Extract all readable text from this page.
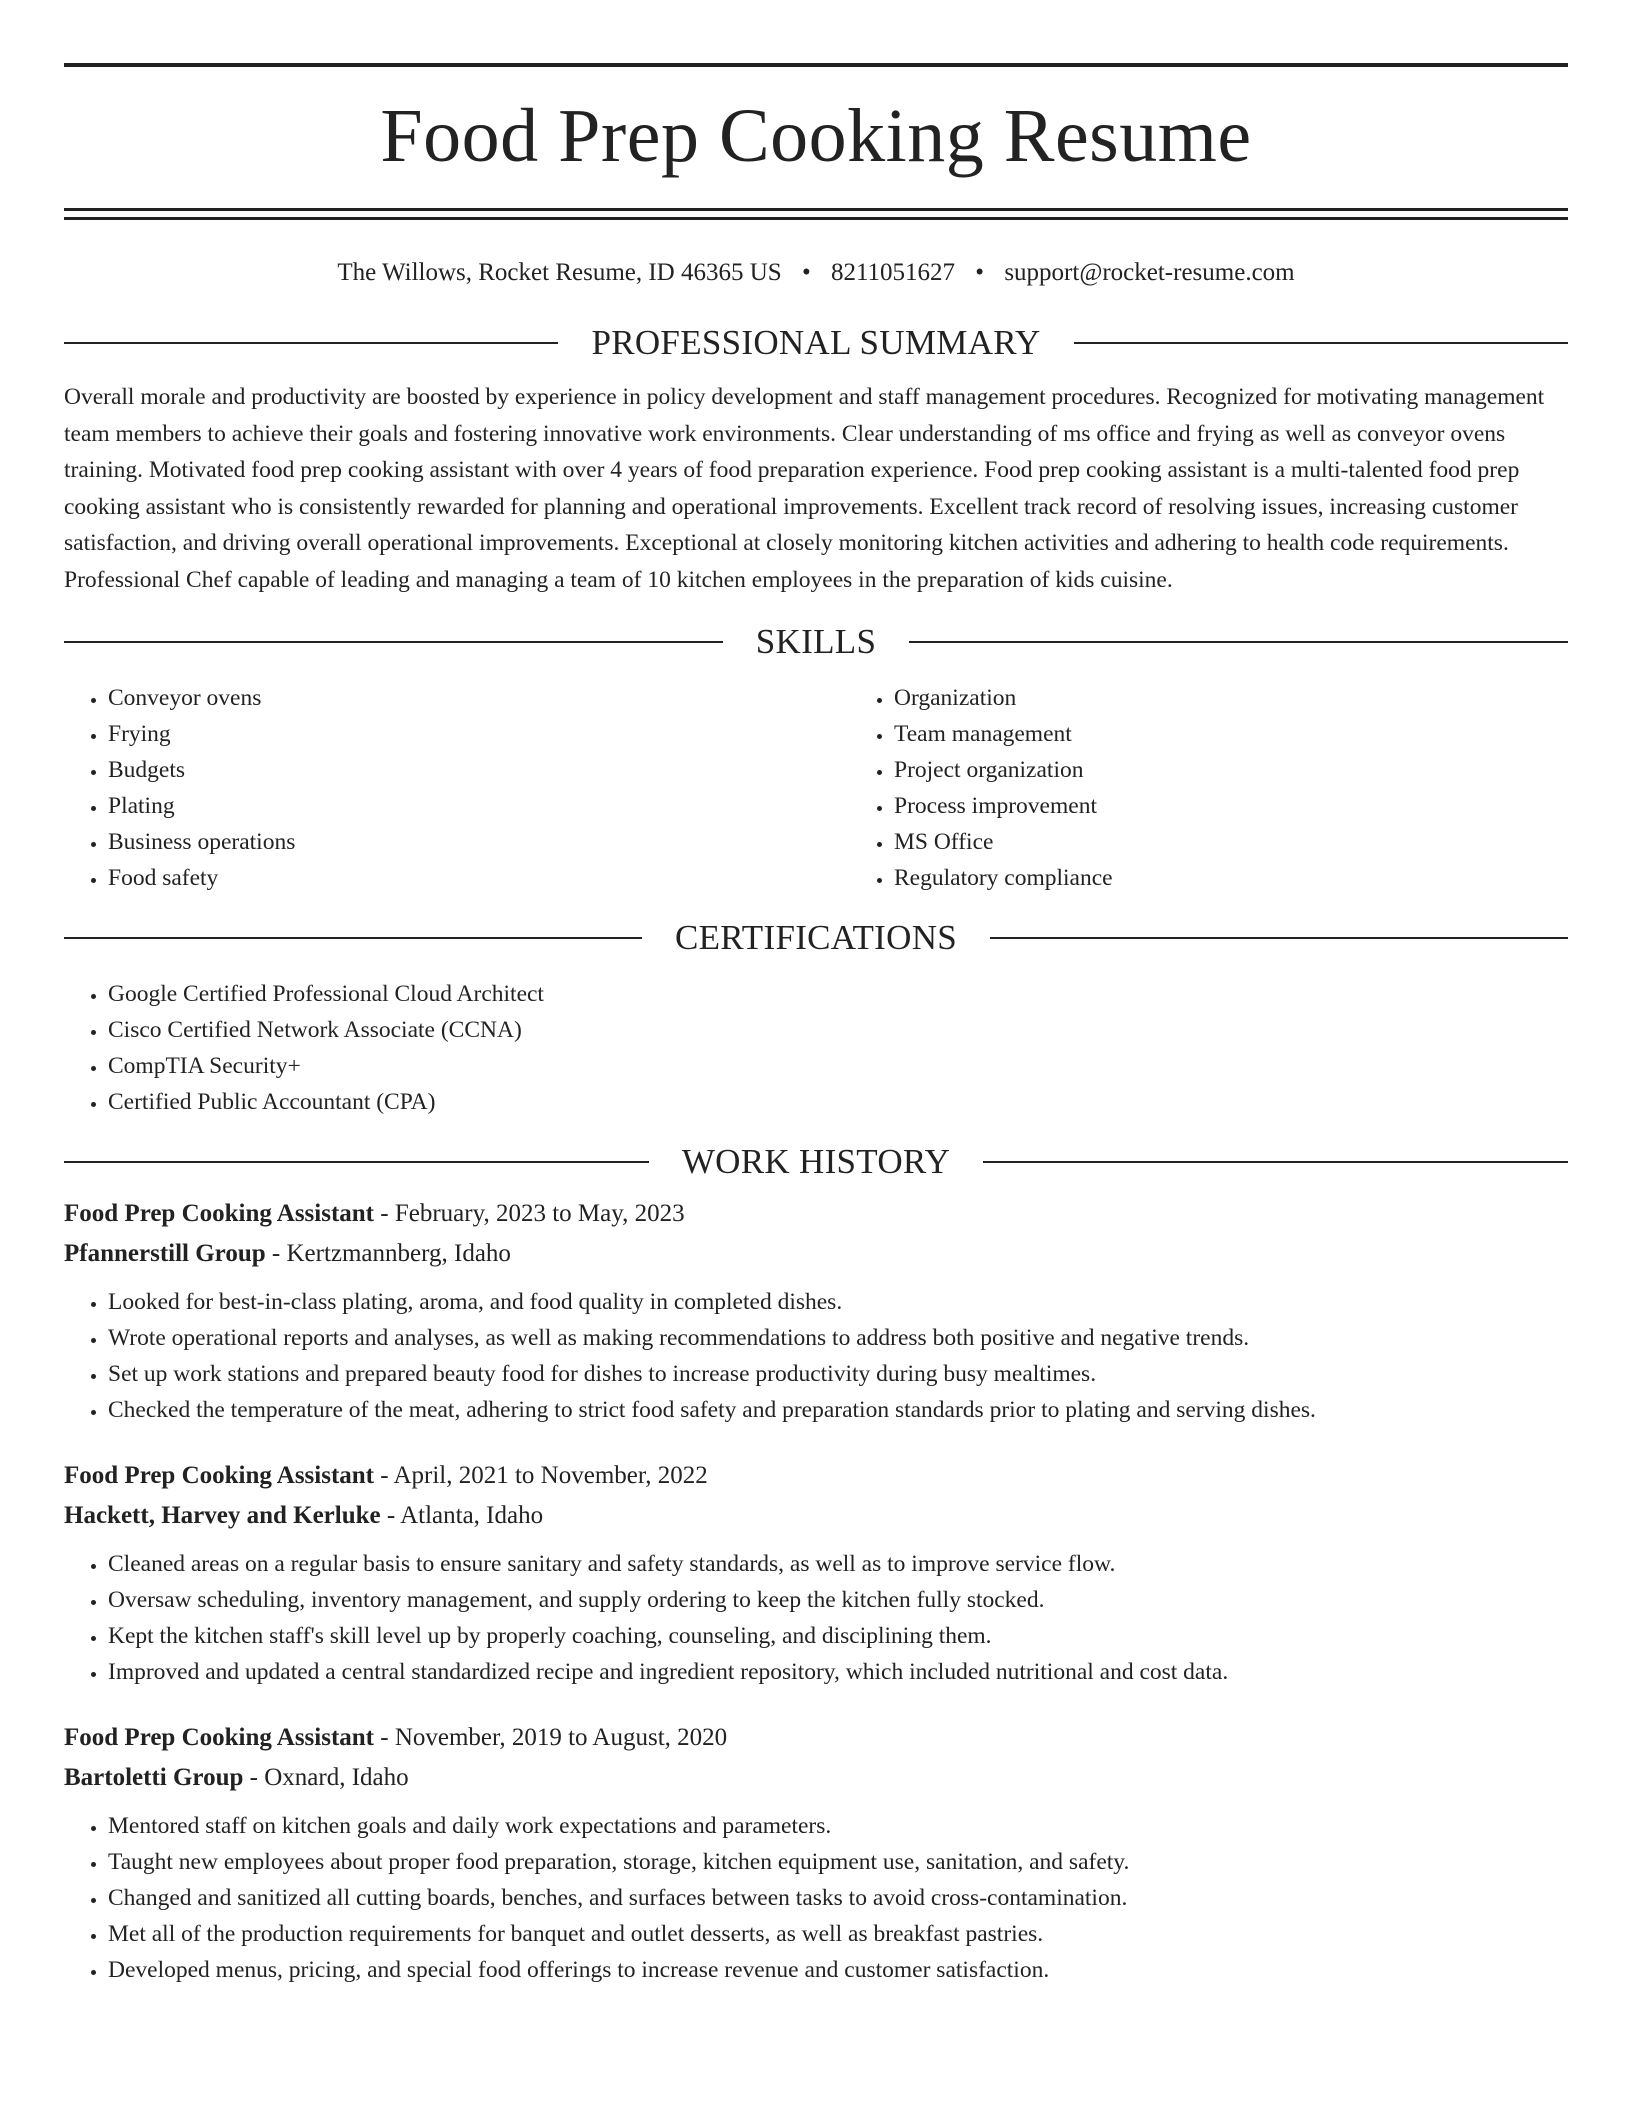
Food Prep Cooking Resume

The Willows, Rocket Resume, ID 46365 US • 8211051627 • support@rocket-resume.com

PROFESSIONAL SUMMARY

Overall morale and productivity are boosted by experience in policy development and staff management procedures. Recognized for motivating management team members to achieve their goals and fostering innovative work environments. Clear understanding of ms office and frying as well as conveyor ovens training. Motivated food prep cooking assistant with over 4 years of food preparation experience. Food prep cooking assistant is a multi-talented food prep cooking assistant who is consistently rewarded for planning and operational improvements. Excellent track record of resolving issues, increasing customer satisfaction, and driving overall operational improvements. Exceptional at closely monitoring kitchen activities and adhering to health code requirements. Professional Chef capable of leading and managing a team of 10 kitchen employees in the preparation of kids cuisine.

SKILLS
• Conveyor ovens
• Frying
• Budgets
• Plating
• Business operations
• Food safety
• Organization
• Team management
• Project organization
• Process improvement
• MS Office
• Regulatory compliance
CERTIFICATIONS
• Google Certified Professional Cloud Architect
• Cisco Certified Network Associate (CCNA)
• CompTIA Security+
• Certified Public Accountant (CPA)
WORK HISTORY

Food Prep Cooking Assistant - February, 2023 to May, 2023

Pfannerstill Group - Kertzmannberg, Idaho

• Looked for best-in-class plating, aroma, and food quality in completed dishes.
• Wrote operational reports and analyses, as well as making recommendations to address both positive and negative trends.
• Set up work stations and prepared beauty food for dishes to increase productivity during busy mealtimes.
• Checked the temperature of the meat, adhering to strict food safety and preparation standards prior to plating and serving dishes.

Food Prep Cooking Assistant - April, 2021 to November, 2022

Hackett, Harvey and Kerluke - Atlanta, Idaho

• Cleaned areas on a regular basis to ensure sanitary and safety standards, as well as to improve service flow.
• Oversaw scheduling, inventory management, and supply ordering to keep the kitchen fully stocked.
• Kept the kitchen staff's skill level up by properly coaching, counseling, and disciplining them.
• Improved and updated a central standardized recipe and ingredient repository, which included nutritional and cost data.

Food Prep Cooking Assistant - November, 2019 to August, 2020

Bartoletti Group - Oxnard, Idaho

• Mentored staff on kitchen goals and daily work expectations and parameters.
• Taught new employees about proper food preparation, storage, kitchen equipment use, sanitation, and safety.
• Changed and sanitized all cutting boards, benches, and surfaces between tasks to avoid cross-contamination.
• Met all of the production requirements for banquet and outlet desserts, as well as breakfast pastries.
• Developed menus, pricing, and special food offerings to increase revenue and customer satisfaction.
